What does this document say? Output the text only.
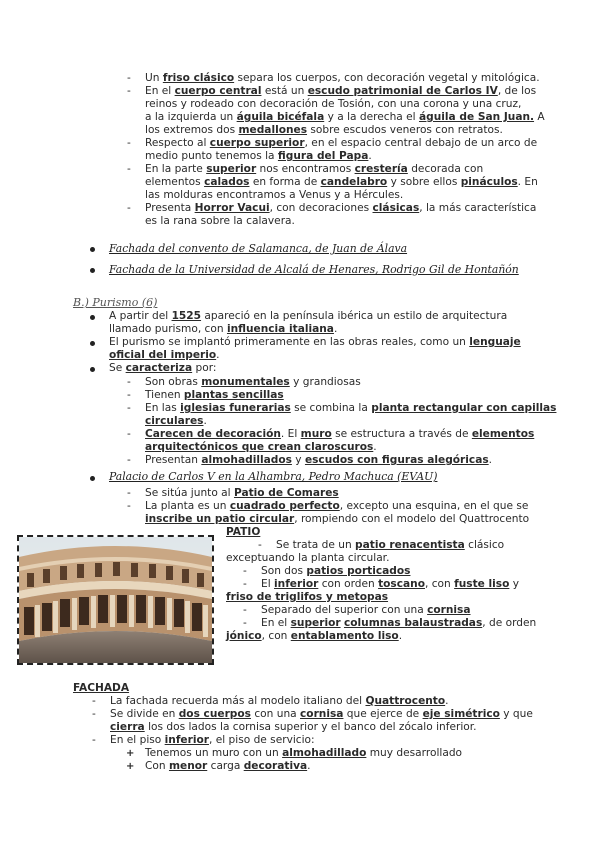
- Un friso clásico separa los cuerpos, con decoración vegetal y mitológica.
- En el cuerpo central está un escudo patrimonial de Carlos IV, de los
reinos y rodeado con decoración de Tosión, con una corona y una cruz,
a la izquierda un águila bicéfala y a la derecha el águila de San Juan. A
los extremos dos medallones sobre escudos veneros con retratos.
- Respecto al cuerpo superior, en el espacio central debajo de un arco de
medio punto tenemos la figura del Papa.
- En la parte superior nos encontramos crestería decorada con
elementos calados en forma de candelabro y sobre ellos pináculos. En
las molduras encontramos a Venus y a Hércules.
- Presenta Horror Vacui, con decoraciones clásicas, la más característica
es la rana sobre la calavera.
Fachada del convento de Salamanca, de Juan de Álava
Fachada de la Universidad de Alcalá de Henares, Rodrigo Gil de Hontañón
B.) Purismo (6)
A partir del 1525 apareció en la península ibérica un estilo de arquitectura
llamado purismo, con influencia italiana.
El purismo se implantó primeramente en las obras reales, como un lenguaje
oficial del imperio.
Se caracteriza por:
- Son obras monumentales y grandiosas
- Tienen plantas sencillas
- En las iglesias funerarias se combina la planta rectangular con capillas
circulares.
- Carecen de decoración. El muro se estructura a través de elementos
arquitectónicos que crean claroscuros.
- Presentan almohadillados y escudos con figuras alegóricas.
Palacio de Carlos V en la Alhambra, Pedro Machuca (EVAU)
- Se sitúa junto al Patio de Comares
- La planta es un cuadrado perfecto, excepto una esquina, en el que se
inscribe un patio circular, rompiendo con el modelo del Quattrocento
PATIO
- Se trata de un patio renacentista clásico
exceptuando la planta circular.
- Son dos patios porticados
- El inferior con orden toscano, con fuste liso y
friso de triglifos y metopas
- Separado del superior con una cornisa
- En el superior columnas balaustradas, de orden
jónico, con entablamento liso.
FACHADA
- La fachada recuerda más al modelo italiano del Quattrocento.
- Se divide en dos cuerpos con una cornisa que ejerce de eje simétrico y que
cierra los dos lados la cornisa superior y el banco del zócalo inferior.
- En el piso inferior, el piso de servicio:
+ Tenemos un muro con un almohadillado muy desarrollado
+ Con menor carga decorativa.
